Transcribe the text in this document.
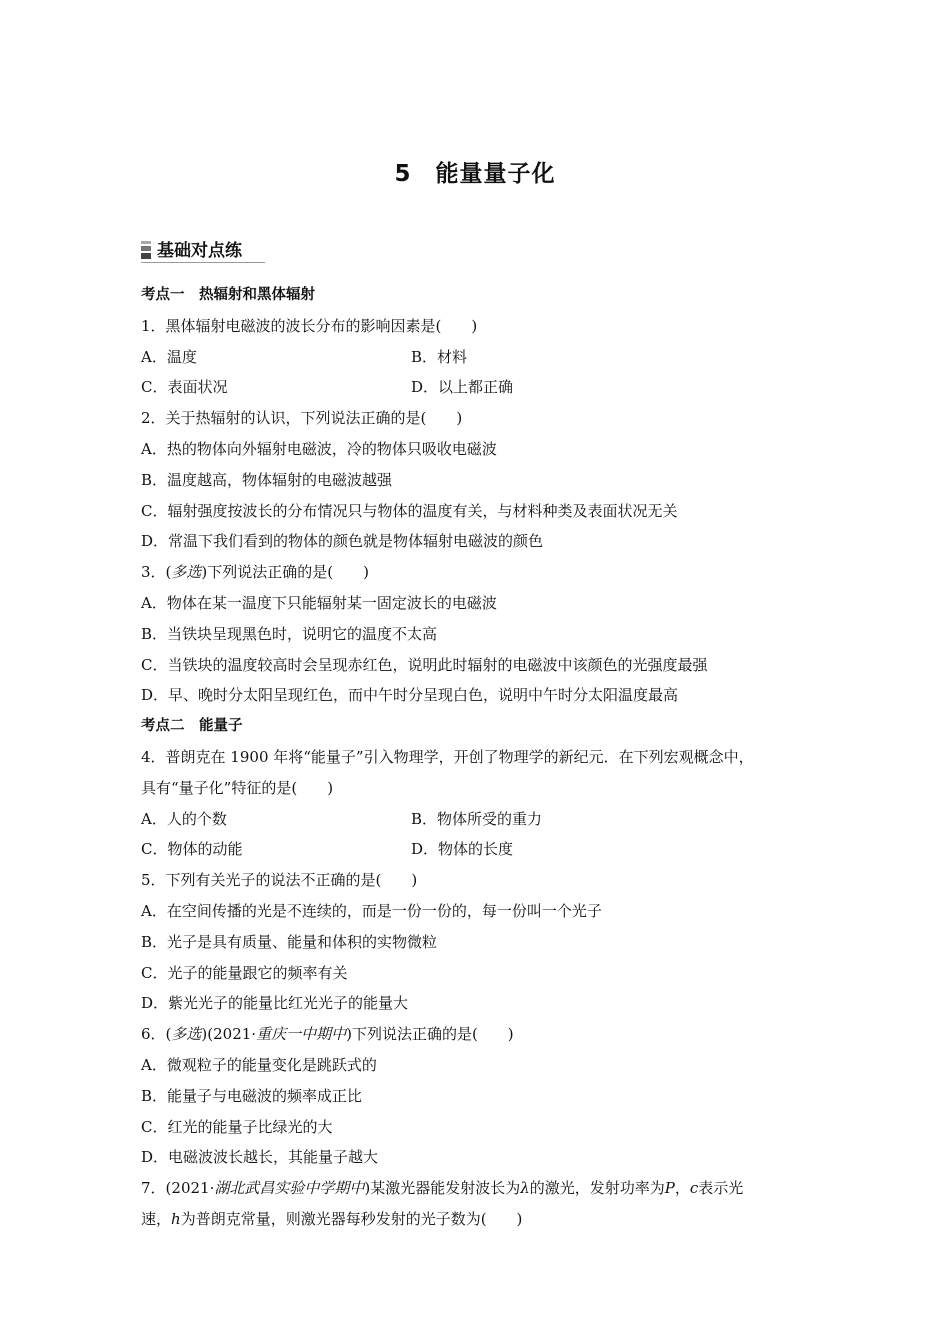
5　能量量子化
基础对点练
考点一　热辐射和黑体辐射
1．黑体辐射电磁波的波长分布的影响因素是(　　)
A．温度	B．材料
C．表面状况	D．以上都正确
2．关于热辐射的认识，下列说法正确的是(　　)
A．热的物体向外辐射电磁波，冷的物体只吸收电磁波
B．温度越高，物体辐射的电磁波越强
C．辐射强度按波长的分布情况只与物体的温度有关，与材料种类及表面状况无关
D．常温下我们看到的物体的颜色就是物体辐射电磁波的颜色
3．(多选)下列说法正确的是(　　)
A．物体在某一温度下只能辐射某一固定波长的电磁波
B．当铁块呈现黑色时，说明它的温度不太高
C．当铁块的温度较高时会呈现赤红色，说明此时辐射的电磁波中该颜色的光强度最强
D．早、晚时分太阳呈现红色，而中午时分呈现白色，说明中午时分太阳温度最高
考点二　能量子
4．普朗克在 1900 年将“能量子”引入物理学，开创了物理学的新纪元．在下列宏观概念中，
具有“量子化”特征的是(　　)
A．人的个数	B．物体所受的重力
C．物体的动能	D．物体的长度
5．下列有关光子的说法不正确的是(　　)
A．在空间传播的光是不连续的，而是一份一份的，每一份叫一个光子
B．光子是具有质量、能量和体积的实物微粒
C．光子的能量跟它的频率有关
D．紫光光子的能量比红光光子的能量大
6．(多选)(2021·重庆一中期中)下列说法正确的是(　　)
A．微观粒子的能量变化是跳跃式的
B．能量子与电磁波的频率成正比
C．红光的能量子比绿光的大
D．电磁波波长越长，其能量子越大
7．(2021·湖北武昌实验中学期中)某激光器能发射波长为λ的激光，发射功率为P，c表示光
速，h为普朗克常量，则激光器每秒发射的光子数为(　　)
